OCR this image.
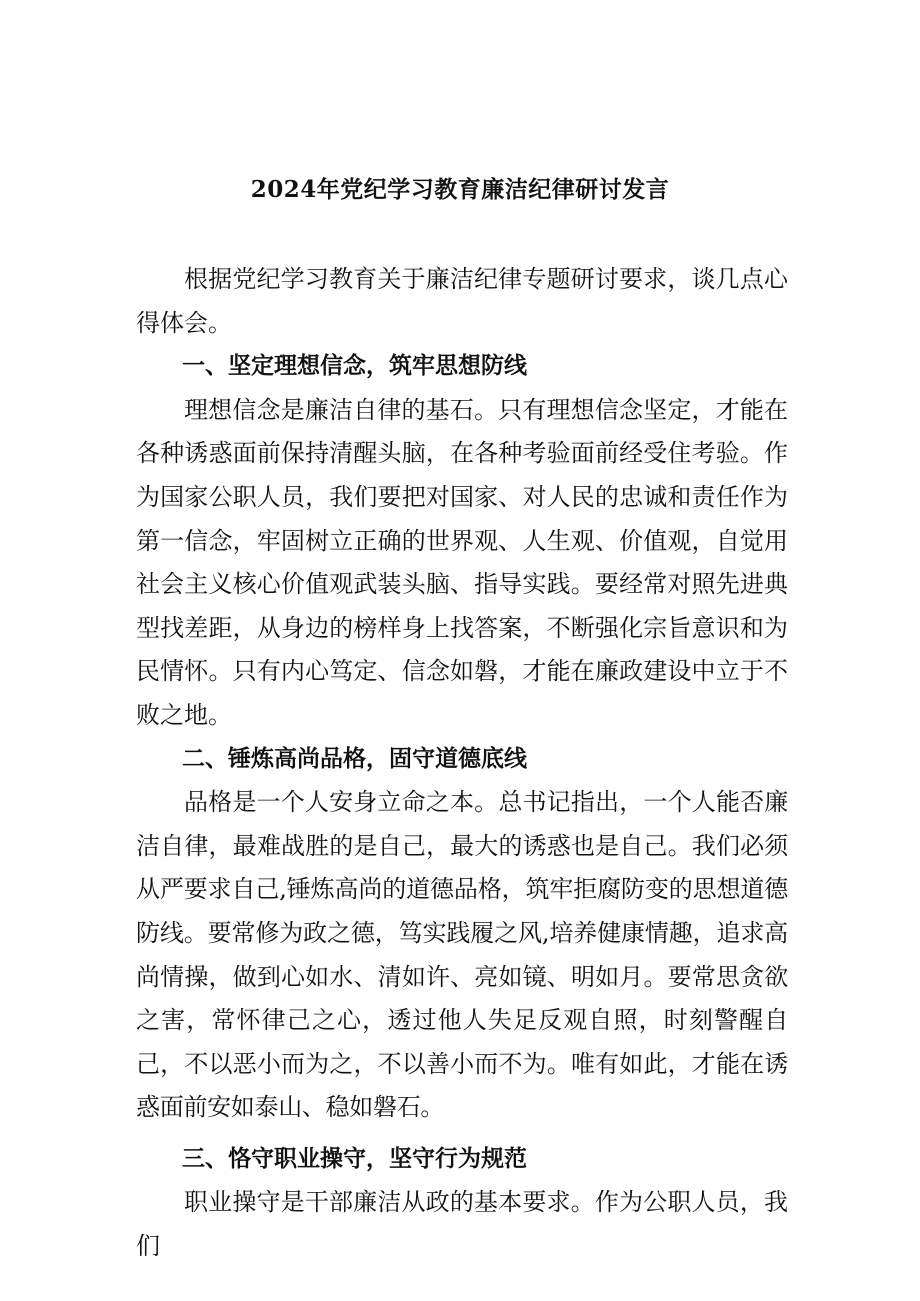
2024年党纪学习教育廉洁纪律研讨发言

根据党纪学习教育关于廉洁纪律专题研讨要求，谈几点心得体会。

一、坚定理想信念，筑牢思想防线

理想信念是廉洁自律的基石。只有理想信念坚定，才能在各种诱惑面前保持清醒头脑，在各种考验面前经受住考验。作为国家公职人员，我们要把对国家、对人民的忠诚和责任作为第一信念，牢固树立正确的世界观、人生观、价值观，自觉用社会主义核心价值观武装头脑、指导实践。要经常对照先进典型找差距，从身边的榜样身上找答案，不断强化宗旨意识和为民情怀。只有内心笃定、信念如磐，才能在廉政建设中立于不败之地。

二、锤炼高尚品格，固守道德底线

品格是一个人安身立命之本。总书记指出，一个人能否廉洁自律，最难战胜的是自己，最大的诱惑也是自己。我们必须从严要求自己,锤炼高尚的道德品格，筑牢拒腐防变的思想道德防线。要常修为政之德，笃实践履之风,培养健康情趣，追求高尚情操，做到心如水、清如许、亮如镜、明如月。要常思贪欲之害，常怀律己之心，透过他人失足反观自照，时刻警醒自己，不以恶小而为之，不以善小而不为。唯有如此，才能在诱惑面前安如泰山、稳如磐石。

三、恪守职业操守，坚守行为规范

职业操守是干部廉洁从政的基本要求。作为公职人员，我们
